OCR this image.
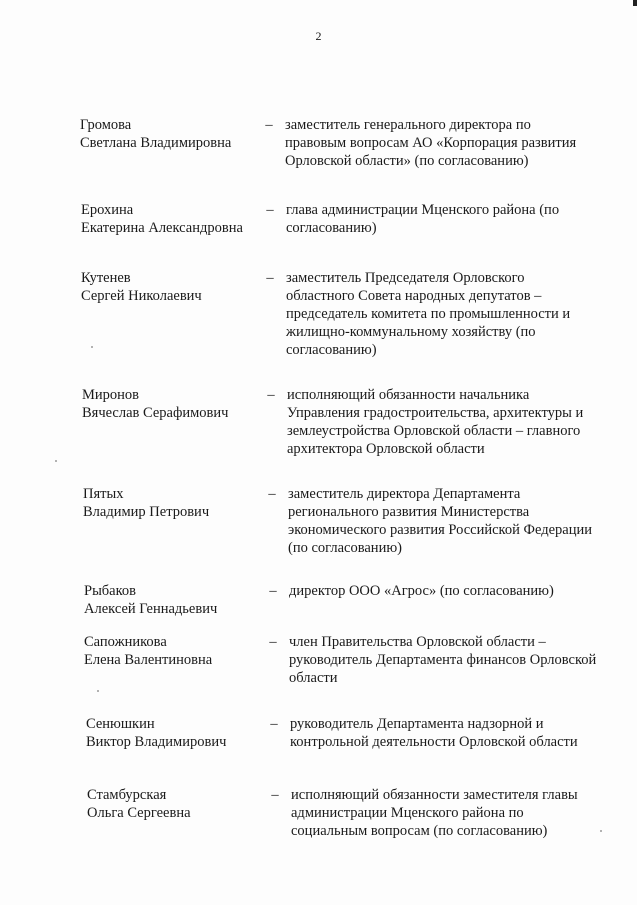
2
Громова
Светлана Владимировна
– заместитель генерального директора по правовым вопросам АО «Корпорация развития Орловской области» (по согласованию)
Ерохина
Екатерина Александровна
– глава администрации Мценского района (по согласованию)
Кутенев
Сергей Николаевич
– заместитель Председателя Орловского областного Совета народных депутатов – председатель комитета по промышленности и жилищно-коммунальному хозяйству (по согласованию)
Миронов
Вячеслав Серафимович
– исполняющий обязанности начальника Управления градостроительства, архитектуры и землеустройства Орловской области – главного архитектора Орловской области
Пятых
Владимир Петрович
– заместитель директора Департамента регионального развития Министерства экономического развития Российской Федерации (по согласованию)
Рыбаков
Алексей Геннадьевич
– директор ООО «Агрос» (по согласованию)
Сапожникова
Елена Валентиновна
– член Правительства Орловской области – руководитель Департамента финансов Орловской области
Сенюшкин
Виктор Владимирович
– руководитель Департамента надзорной и контрольной деятельности Орловской области
Стамбурская
Ольга Сергеевна
– исполняющий обязанности заместителя главы администрации Мценского района по социальным вопросам (по согласованию)
